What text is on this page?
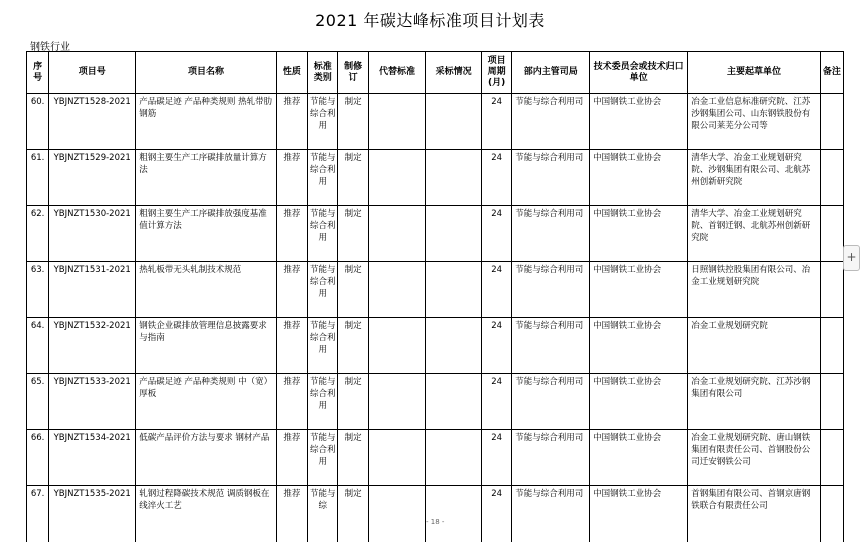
2021 年碳达峰标准项目计划表
钢铁行业
序号	项目号	项目名称	性质	标准类别	制修订	代替标准	采标情况	项目周期(月)	部内主管司局	技术委员会或技术归口单位	主要起草单位	备注
60.	YBJNZT1528-2021	产品碳足迹 产品种类规则 热轧带肋钢筋	推荐	节能与综合利用	制定			24	节能与综合利用司	中国钢铁工业协会	冶金工业信息标准研究院、江苏沙钢集团公司、山东钢铁股份有限公司莱芜分公司等	
61.	YBJNZT1529-2021	粗钢主要生产工序碳排放量计算方法	推荐	节能与综合利用	制定			24	节能与综合利用司	中国钢铁工业协会	清华大学、冶金工业规划研究院、沙钢集团有限公司、北航苏州创新研究院	
62.	YBJNZT1530-2021	粗钢主要生产工序碳排放强度基准值计算方法	推荐	节能与综合利用	制定			24	节能与综合利用司	中国钢铁工业协会	清华大学、冶金工业规划研究院、首钢迁钢、北航苏州创新研究院	
63.	YBJNZT1531-2021	热轧板带无头轧制技术规范	推荐	节能与综合利用	制定			24	节能与综合利用司	中国钢铁工业协会	日照钢铁控股集团有限公司、冶金工业规划研究院	
64.	YBJNZT1532-2021	钢铁企业碳排放管理信息披露要求与指南	推荐	节能与综合利用	制定			24	节能与综合利用司	中国钢铁工业协会	冶金工业规划研究院	
65.	YBJNZT1533-2021	产品碳足迹 产品种类规则 中（宽）厚板	推荐	节能与综合利用	制定			24	节能与综合利用司	中国钢铁工业协会	冶金工业规划研究院、江苏沙钢集团有限公司	
66.	YBJNZT1534-2021	低碳产品评价方法与要求 钢材产品	推荐	节能与综合利用	制定			24	节能与综合利用司	中国钢铁工业协会	冶金工业规划研究院、唐山钢铁集团有限责任公司、首钢股份公司迁安钢铁公司	
67.	YBJNZT1535-2021	轧钢过程降碳技术规范 调质钢板在线淬火工艺	推荐	节能与综	制定			24	节能与综合利用司	中国钢铁工业协会	首钢集团有限公司、首钢京唐钢铁联合有限责任公司	
- 18 -
+
